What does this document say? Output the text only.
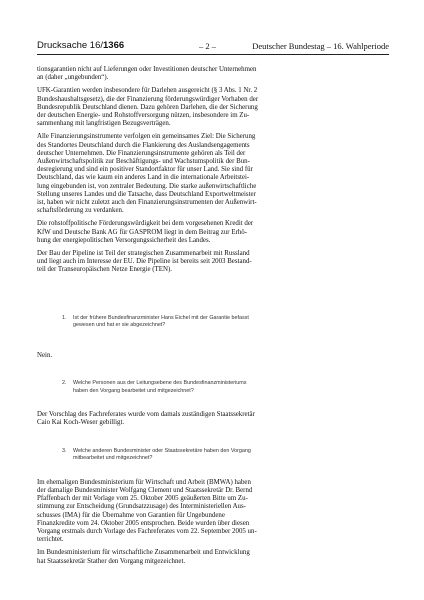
Drucksache 16/1366	– 2 –	Deutscher Bundestag – 16. Wahlperiode

tionsgarantien nicht auf Lieferungen oder Investitionen deutscher Unternehmen
an (daher „ungebunden“).

UFK-Garantien werden insbesondere für Darlehen ausgereicht (§ 3 Abs. 1 Nr. 2
Bundeshaushaltsgesetz), die der Finanzierung förderungswürdiger Vorhaben der
Bundesrepublik Deutschland dienen. Dazu gehören Darlehen, die der Sicherung
der deutschen Energie- und Rohstoffversorgung nützen, insbesondere im Zu-
sammenhang mit langfristigen Bezugsverträgen.

Alle Finanzierungsinstrumente verfolgen ein gemeinsames Ziel: Die Sicherung
des Standortes Deutschland durch die Flankierung des Auslandsengagements
deutscher Unternehmen. Die Finanzierungsinstrumente gehören als Teil der
Außenwirtschaftspolitik zur Beschäftigungs- und Wachstumspolitik der Bun-
desregierung und sind ein positiver Standortfaktor für unser Land. Sie sind für
Deutschland, das wie kaum ein anderes Land in die internationale Arbeitstei-
lung eingebunden ist, von zentraler Bedeutung. Die starke außenwirtschaftliche
Stellung unseres Landes und die Tatsache, dass Deutschland Exportweltmeister
ist, haben wir nicht zuletzt auch den Finanzierungsinstrumenten der Außenwirt-
schaftsförderung zu verdanken.

Die rohstoffpolitische Förderungswürdigkeit bei dem vorgesehenen Kredit der
KfW und Deutsche Bank AG für GASPROM liegt in dem Beitrag zur Erhö-
hung der energiepolitischen Versorgungssicherheit des Landes.

Der Bau der Pipeline ist Teil der strategischen Zusammenarbeit mit Russland
und liegt auch im Interesse der EU. Die Pipeline ist bereits seit 2003 Bestand-
teil der Transeuropäischen Netze Energie (TEN).

1. Ist der frühere Bundesfinanzminister Hans Eichel mit der Garantie befasst
gewesen und hat er sie abgezeichnet?

Nein.

2. Welche Personen aus der Leitungsebene des Bundesfinanzministeriums
haben den Vorgang bearbeitet und mitgezeichnet?

Der Vorschlag des Fachreferates wurde vom damals zuständigen Staatssekretär
Caio Kai Koch-Weser gebilligt.

3. Welche anderen Bundesminister oder Staatssekretäre haben den Vorgang
mitbearbeitet und mitgezeichnet?

Im ehemaligen Bundesministerium für Wirtschaft und Arbeit (BMWA) haben
der damalige Bundesminister Wolfgang Clement und Staatssekretär Dr. Bernd
Pfaffenbach der mit Vorlage vom 25. Oktober 2005 geäußerten Bitte um Zu-
stimmung zur Entscheidung (Grundsatzzusage) des Interministeriellen Aus-
schusses (IMA) für die Übernahme von Garantien für Ungebundene
Finanzkredite vom 24. Oktober 2005 entsprochen. Beide wurden über diesen
Vorgang erstmals durch Vorlage des Fachreferates vom 22. September 2005 un-
terrichtet.

Im Bundesministerium für wirtschaftliche Zusammenarbeit und Entwicklung
hat Staatssekretär Stather den Vorgang mitgezeichnet.
